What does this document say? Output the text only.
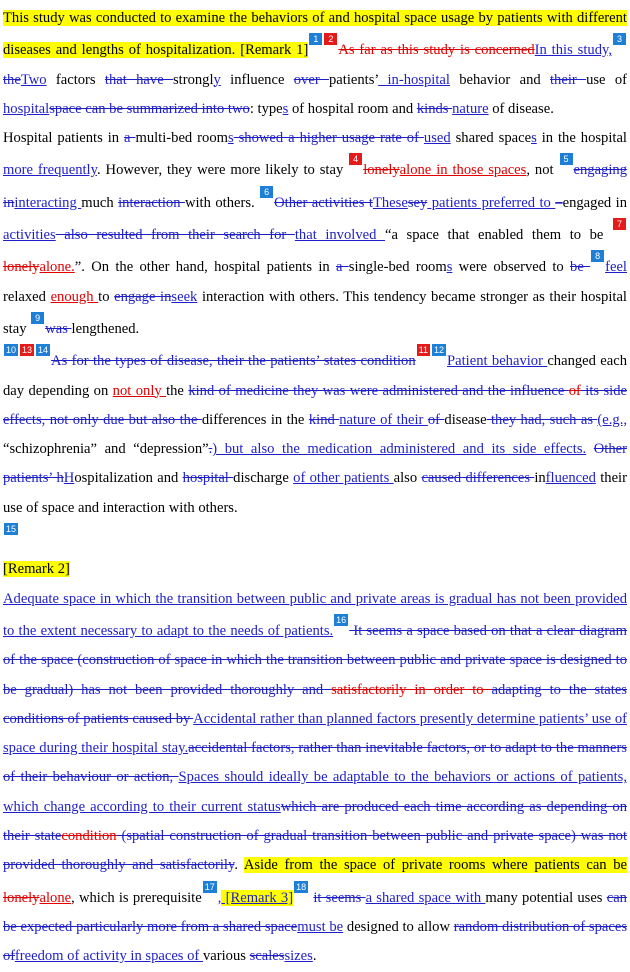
This study was conducted to examine the behaviors of and hospital space usage by patients with different diseases and lengths of hospitalization. [Remark 1]1 2As far as this study is concernedIn this study,3theTwo factors that have strongly influence over patients’ in-hospital behavior and their use of hospitalspace can be summarized into two: types of hospital room and kinds nature of disease.

Hospital patients in a multi-bed rooms showed a higher usage rate of used shared spaces in the hospital more frequently. However, they were more likely to stay 4lonelyalone in those spaces, not 5engaging ininteracting much interaction with others. 6Other activities tThesesey patients preferred to –engaged in activities also resulted from their search for that involved “a space that enabled them to be 7lonelyalone.”. On the other hand, hospital patients in a single-bed rooms were observed to be 8feel relaxed enough to engage inseek interaction with others. This tendency became stronger as their hospital stay 9was lengthened.

10 13 14As for the types of disease, their the patients’ states condition11 12Patient behavior changed each day depending on not only the kind of medicine they was were administered and the influence of its side effects, not only due but also the differences in the kind nature of their of disease they had, such as (e.g., “schizophrenia” and “depression”.) but also the medication administered and its side effects. Other patients’ hHospitalization and hospital discharge of other patients also caused differences influenced their use of space and interaction with others.

15
[Remark 2]

Adequate space in which the transition between public and private areas is gradual has not been provided to the extent necessary to adapt to the needs of patients.16 It seems a space based on that a clear diagram of the space (construction of space in which the transition between public and private space is designed to be gradual) has not been provided thoroughly and satisfactorily in order to adapting to the states conditions of patients caused by Accidental rather than planned factors presently determine patients’ use of space during their hospital stay.accidental factors, rather than inevitable factors, or to adapt to the manners of their behaviour or action, Spaces should ideally be adaptable to the behaviors or actions of patients, which change according to their current statuswhich are produced each time according as depending on their statecondition (spatial construction of gradual transition between public and private space) was not provided thoroughly and satisfactorily. Aside from the space of private rooms where patients can be lonelyalone, which is prerequisite17, [Remark 3]18 it seems a shared space with many potential uses can be expected particularly more from a shared spacemust be designed to allow random distribution of spaces offreedom of activity in spaces of various scalessizes.
